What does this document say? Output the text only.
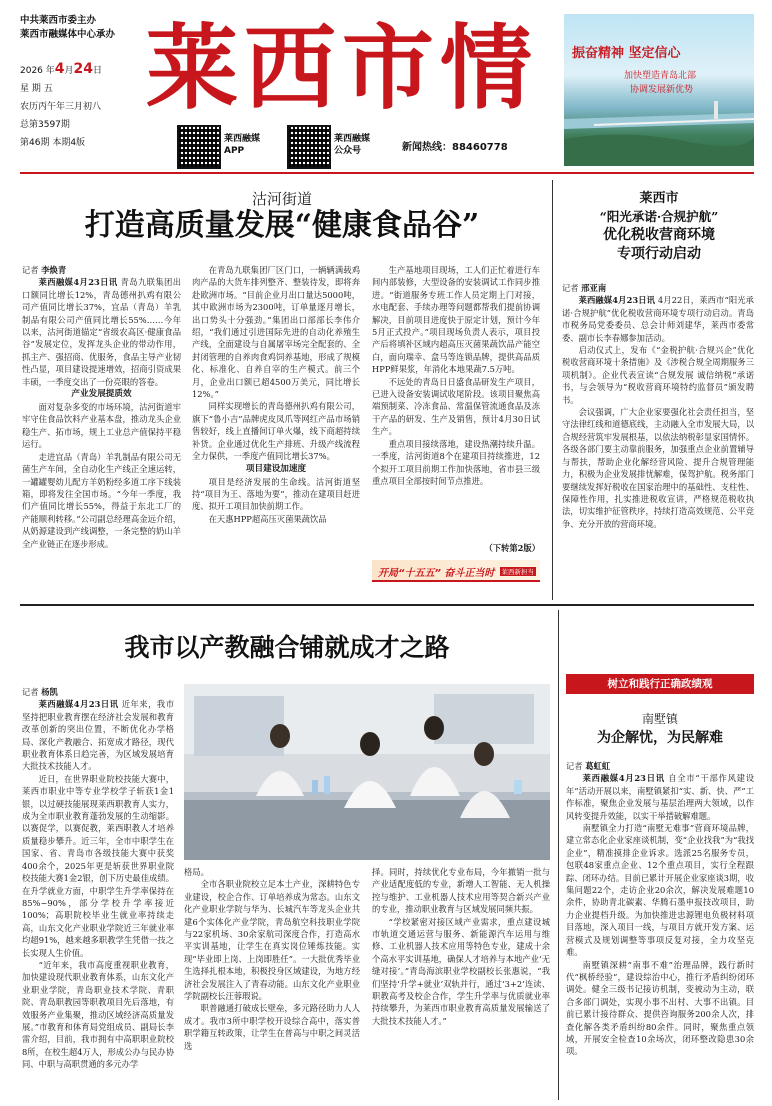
中共莱西市委主办
莱西市融媒体中心承办
2026 年4月24日
星 期 五
农历丙午年三月初八
总第3597期
第46期 本期4版
莱西市情
莱西融媒
APP
莱西融媒
公众号	新闻热线：88460778
振奋精神 坚定信心
加快塑造青岛北部
协调发展新优势
沽河街道
打造高质量发展“健康食品谷”
记者 李焕青

莱西融媒4月23日讯 青岛九联集团出口额同比增长12%，青岛德州扒鸡有限公司产值同比增长37%，宜品（青岛）羊乳制品有限公司产值同比增长55%……今年以来，沽河街道锚定“省级农高区·健康食品谷”发展定位，发挥龙头企业的带动作用，抓主产、强招商、优服务，食品主导产业韧性凸显，项目建设提速增效，招商引资成果丰硕，一季度交出了一份亮眼的答卷。

产业发展提质效

面对复杂多变的市场环境，沽河街道牢牢守住食品饮料产业基本盘，推动龙头企业稳生产、拓市场，规上工业总产值保持平稳运行。

走进宜品（青岛）羊乳制品有限公司无菌生产车间，全自动化生产线正全速运转，一罐罐婴幼儿配方羊奶粉经多道工序下线装箱，即将发往全国市场。“今年一季度，我们产值同比增长55%，得益于东北工厂的产能顺利转移。”公司副总经理高金远介绍，从奶源建设到产线调整，一条完整的奶山羊全产业链正在逐步形成。

在青岛九联集团厂区门口，一辆辆满载鸡肉产品的大货车排列整齐、整装待发，即将奔赴欧洲市场。“目前企业月出口量达5000吨，其中欧洲市场为2300吨，订单量逐月增长，出口势头十分强劲。”集团出口部部长李伟介绍，“我们通过引进国际先进的自动化养殖生产线，全面建设与自属屠宰场完全配套的、全封闭管理的自养肉食鸡饲养基地，形成了规模化、标准化、自养自宰的生产模式。前三个月，企业出口额已超4500万美元，同比增长12%。”

同样实现增长的青岛德州扒鸡有限公司，旗下“鲁小吉”品牌虎皮凤爪等网红产品市场销售较好，线上直播间订单火爆，线下商超持续补货。企业通过优化生产排班、升级产线流程全力保供，一季度产值同比增长37%。

项目建设加速度

项目是经济发展的生命线。沽河街道坚持“项目为王、落地为要”，推动在建项目赶进度、拟开工项目加快前期工作。

在天惠HPP超高压灭菌果蔬饮品

生产基地项目现场，工人们正忙着进行车间内部装修，大型设备的安装调试工作同步推进。“街道服务专班工作人员定期上门对接，水电配套、手续办理等问题都帮我们提前协调解决，目前项目进度快于原定计划，预计今年5月正式投产。”项目现场负责人表示，项目投产后将填补区域内超高压灭菌果蔬饮品产能空白，面向瑞幸、盒马等连锁品牌，提供高品质HPP鲜果浆，年消化本地果蔬7.5万吨。

不远处的青岛日日盛食品研发生产项目，已进入设备安装调试收尾阶段。该项目聚焦高端预制菜、冷冻食品、常温保管流通食品及冻干产品的研发、生产及销售，预计4月30日试生产。

重点项目接续落地，建设热潮持续升温。一季度，沽河街道8个在建项目持续推进，12个拟开工项目前期工作加快落地，省市县三级重点项目全部按时间节点推进。

（下转第2版）
开局“十五五” 奋斗正当时	莱西新担当
莱西市
“阳光承诺·合规护航”
优化税收营商环境
专项行动启动
记者 邢亚南

莱西融媒4月23日讯 4月22日，莱西市“阳光承诺·合规护航”优化税收营商环境专项行动启动。青岛市税务局党委委员、总会计师刘建华，莱西市委常委、副市长李春娜参加活动。

启动仪式上，发布《“金税护航·合规兴企”优化税收营商环境十条措施》及《涉税合规全周期服务三项机制》。企业代表宣读“合规发展 诚信纳税”承诺书，与会领导为“税收营商环境特约监督员”颁发聘书。

会议强调，广大企业家要强化社会责任担当，坚守法律红线和道德底线，主动融入全市发展大局，以合规经营筑牢发展根基，以依法纳税彰显家国情怀。各级各部门要主动靠前服务，加强重点企业前置辅导与帮扶，帮助企业化解经营风险、提升合规管理能力，积极为企业发展排忧解难，保驾护航。税务部门要继续发挥好税收在国家治理中的基础性、支柱性、保障性作用，扎实推进税收宣讲，严格规范税收执法，切实维护征管秩序，持续打造高效规范、公平竞争、充分开放的营商环境。

我市以产教融合铺就成才之路
记者 杨凯

莱西融媒4月23日讯 近年来，我市坚持把职业教育摆在经济社会发展和教育改革创新的突出位置，不断优化办学格局、深化产教融合、拓宽成才路径，现代职业教育体系日趋完善，为区域发展培育大批技术技能人才。

近日，在世界职业院校技能大赛中，莱西市职业中等专业学校学子斩获1金1银，以过硬技能展现莱西职教育人实力，成为全市职业教育蓬勃发展的生动缩影。以赛促学，以赛促教，莱西职教人才培养质量稳步攀升。近三年，全市中职学生在国家、省、青岛市各级技能大赛中获奖400余个，2025年更是斩获世界职业院校技能大赛1金2银，创下历史最佳成绩。在升学就业方面，中职学生升学率保持在85%~90%，部分学校升学率接近100%；高职院校毕业生就业率持续走高，山东文化产业职业学院近三年就业率均超91%，越来越多职教学生凭借一技之长实现人生价值。

“近年来，我市高度重视职业教育，加快建设现代职业教育体系，山东文化产业职业学院，青岛职业技术学院、青职院、青岛职教园等职教项目先后落地，有效服务产业集聚，推动区域经济高质量发展。”市教育和体育局党组成员、副局长李雷介绍，目前，我市拥有中高职职业院校8所，在校生超4万人，形成公办与民办协同、中职与高职贯通的多元办学

格局。

全市各职业院校立足本土产业，深耕特色专业建设，校企合作、订单培养成为常态。山东文化产业职业学院与华为、长城汽车等龙头企业共建6个实体化产业学院，青岛航空科技职业学院与22家机场、30余家航司深度合作，打造高水平实训基地，让学生在真实岗位锤炼技能。实现“毕业即上岗、上岗即胜任”。一大批优秀毕业生选择扎根本地，积极投身区域建设，为地方经济社会发展注入了青春动能。山东文化产业职业学院副校长汪蓉瑕说。

职普融通打破成长壁垒，多元路径助力人人成才。我市3所中职学校开设综合高中，落实普职学籍互转政策，让学生在普高与中职之间灵活选

择。同时，持续优化专业布局，今年撤销一批与产业适配度低的专业，新增人工智能、无人机操控与维护、工业机器人技术应用等契合新兴产业的专业，推动职业教育与区域发展同频共振。

“学校紧密对接区域产业需求，重点建设城市轨道交通运营与服务、新能源汽车运用与维修、工业机器人技术应用等特色专业，建成十余个高水平实训基地，确保人才培养与本地产业‘无缝对接’。”青岛海滨职业学校副校长张惠说，“我们坚持‘升学+就业’双轨并行，通过‘3+2’连读、职教高考及校企合作，学生升学率与优质就业率持续攀升，为莱西市职业教育高质量发展输送了大批技术技能人才。”

树立和践行正确政绩观
南墅镇
为企解忧，为民解难
记者 葛虹虹

莱西融媒4月23日讯 自全市“干部作风建设年”活动开展以来，南墅镇紧扣“实、新、快、严”工作标准，聚焦企业发展与基层治理两大领域，以作风转变提升效能，以实干举措破解难题。

南墅镇全力打造“南墅无难事”营商环境品牌，建立常态化企业家座谈机制，变“企业找我”为“我找企业”，精准摸排企业诉求。选派25名服务专员，包联48家重点企业、12个重点项目，实行全程跟踪、闭环办结。目前已累计开展企业家座谈3期，收集问题22个，走访企业20余次，解决发展难题10余件，协助青北碳素、华腾石墨申报技改项目，助力企业提档升级。为加快推进忠源锂电负极材料项目落地，深入项目一线，与项目方就开发方案、运营模式及规划调整等事项反复对接，全力攻坚克难。

南墅镇深耕“南事不难”治理品牌，践行新时代“枫桥经验”，建设综治中心，推行矛盾纠纷闭环调处。健全三级书记接访机制，变被动为主动，联合多部门调处，实现小事不出村、大事不出镇。目前已累计接待群众、提供咨询服务200余人次，排查化解各类矛盾纠纷80余件。同时，聚焦重点领域，开展安全检查10余场次，闭环整改隐患30余项。
